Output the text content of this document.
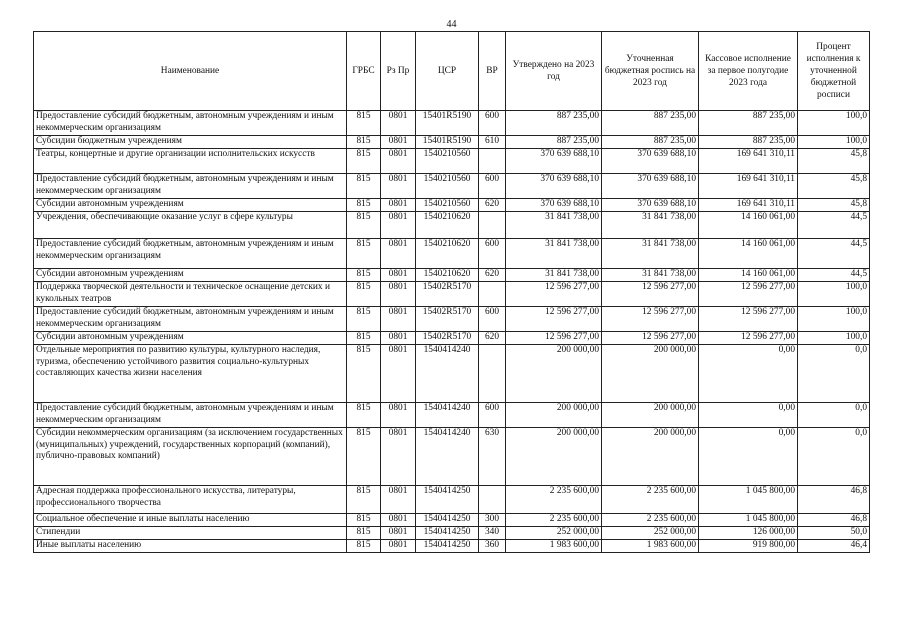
44
Наименование	ГРБС	Рз Пр	ЦСР	ВР	Утверждено на 2023 год	Уточненная бюджетная роспись на 2023 год	Кассовое исполнение за первое полугодие 2023 года	Процент исполнения к уточненной бюджетной росписи
Предоставление субсидий бюджетным, автономным учреждениям и иным некоммерческим организациям	815	0801	15401R5190	600	887 235,00	887 235,00	887 235,00	100,0
Субсидии бюджетным учреждениям	815	0801	15401R5190	610	887 235,00	887 235,00	887 235,00	100,0
Театры, концертные и другие организации исполнительских искусств	815	0801	1540210560		370 639 688,10	370 639 688,10	169 641 310,11	45,8
Предоставление субсидий бюджетным, автономным учреждениям и иным некоммерческим организациям	815	0801	1540210560	600	370 639 688,10	370 639 688,10	169 641 310,11	45,8
Субсидии автономным учреждениям	815	0801	1540210560	620	370 639 688,10	370 639 688,10	169 641 310,11	45,8
Учреждения, обеспечивающие оказание услуг в сфере культуры	815	0801	1540210620		31 841 738,00	31 841 738,00	14 160 061,00	44,5
Предоставление субсидий бюджетным, автономным учреждениям и иным некоммерческим организациям	815	0801	1540210620	600	31 841 738,00	31 841 738,00	14 160 061,00	44,5
Субсидии автономным учреждениям	815	0801	1540210620	620	31 841 738,00	31 841 738,00	14 160 061,00	44,5
Поддержка творческой деятельности и техническое оснащение детских и кукольных театров	815	0801	15402R5170		12 596 277,00	12 596 277,00	12 596 277,00	100,0
Предоставление субсидий бюджетным, автономным учреждениям и иным некоммерческим организациям	815	0801	15402R5170	600	12 596 277,00	12 596 277,00	12 596 277,00	100,0
Субсидии автономным учреждениям	815	0801	15402R5170	620	12 596 277,00	12 596 277,00	12 596 277,00	100,0
Отдельные мероприятия по развитию культуры, культурного наследия, туризма, обеспечению устойчивого развития социально-культурных составляющих качества жизни населения	815	0801	1540414240		200 000,00	200 000,00	0,00	0,0
Предоставление субсидий бюджетным, автономным учреждениям и иным некоммерческим организациям	815	0801	1540414240	600	200 000,00	200 000,00	0,00	0,0
Субсидии некоммерческим организациям (за исключением государственных (муниципальных) учреждений, государственных корпораций (компаний), публично-правовых компаний)	815	0801	1540414240	630	200 000,00	200 000,00	0,00	0,0
Адресная поддержка профессионального искусства, литературы, профессионального творчества	815	0801	1540414250		2 235 600,00	2 235 600,00	1 045 800,00	46,8
Социальное обеспечение и иные выплаты населению	815	0801	1540414250	300	2 235 600,00	2 235 600,00	1 045 800,00	46,8
Стипендии	815	0801	1540414250	340	252 000,00	252 000,00	126 000,00	50,0
Иные выплаты населению	815	0801	1540414250	360	1 983 600,00	1 983 600,00	919 800,00	46,4
